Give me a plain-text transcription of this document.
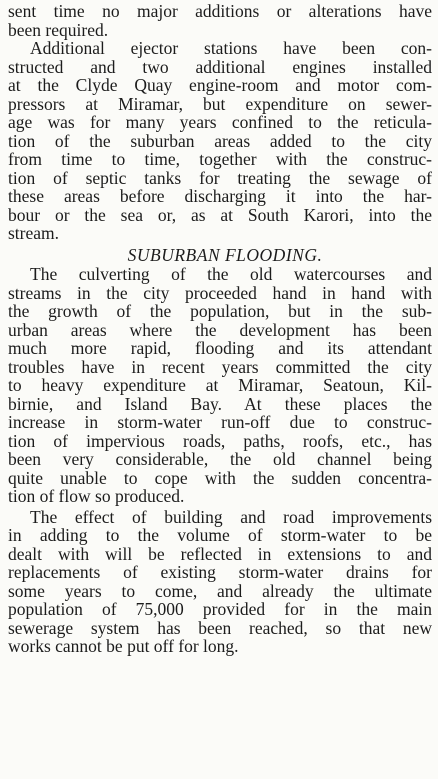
sent time no major additions or alterations have
been required.
Additional ejector stations have been con-
structed and two additional engines installed
at the Clyde Quay engine-room and motor com-
pressors at Miramar, but expenditure on sewer-
age was for many years confined to the reticula-
tion of the suburban areas added to the city
from time to time, together with the construc-
tion of septic tanks for treating the sewage of
these areas before discharging it into the har-
bour or the sea or, as at South Karori, into the
stream.
SUBURBAN FLOODING.
The culverting of the old watercourses and
streams in the city proceeded hand in hand with
the growth of the population, but in the sub-
urban areas where the development has been
much more rapid, flooding and its attendant
troubles have in recent years committed the city
to heavy expenditure at Miramar, Seatoun, Kil-
birnie, and Island Bay. At these places the
increase in storm-water run-off due to construc-
tion of impervious roads, paths, roofs, etc., has
been very considerable, the old channel being
quite unable to cope with the sudden concentra-
tion of flow so produced.
The effect of building and road improvements
in adding to the volume of storm-water to be
dealt with will be reflected in extensions to and
replacements of existing storm-water drains for
some years to come, and already the ultimate
population of 75,000 provided for in the main
sewerage system has been reached, so that new
works cannot be put off for long.
